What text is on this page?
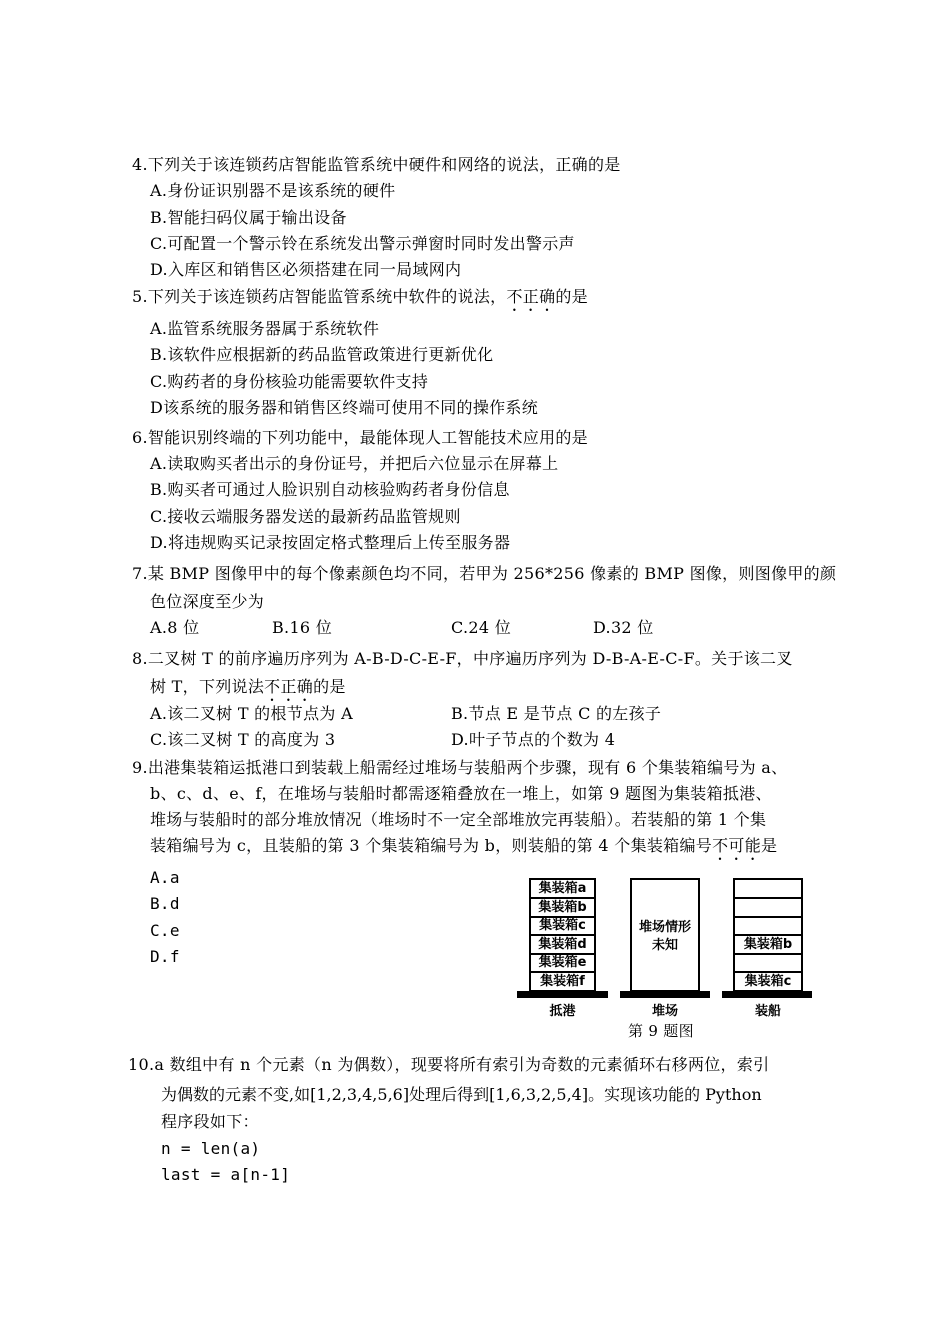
4.下列关于该连锁药店智能监管系统中硬件和网络的说法，正确的是
A.身份证识别器不是该系统的硬件
B.智能扫码仪属于输出设备
C.可配置一个警示铃在系统发出警示弹窗时同时发出警示声
D.入库区和销售区必须搭建在同一局域网内
5.下列关于该连锁药店智能监管系统中软件的说法，不正确的是
A.监管系统服务器属于系统软件
B.该软件应根据新的药品监管政策进行更新优化
C.购药者的身份核验功能需要软件支持
D该系统的服务器和销售区终端可使用不同的操作系统
6.智能识别终端的下列功能中，最能体现人工智能技术应用的是
A.读取购买者出示的身份证号，并把后六位显示在屏幕上
B.购买者可通过人脸识别自动核验购药者身份信息
C.接收云端服务器发送的最新药品监管规则
D.将违规购买记录按固定格式整理后上传至服务器
7.某 BMP 图像甲中的每个像素颜色均不同，若甲为 256*256 像素的 BMP 图像，则图像甲的颜
色位深度至少为
A.8 位	B.16 位	C.24 位	D.32 位
8.二叉树 T 的前序遍历序列为 A-B-D-C-E-F，中序遍历序列为 D-B-A-E-C-F。关于该二叉
树 T，下列说法不正确的是
A.该二叉树 T 的根节点为 A	B.节点 E 是节点 C 的左孩子
C.该二叉树 T 的高度为 3	D.叶子节点的个数为 4
9.出港集装箱运抵港口到装载上船需经过堆场与装船两个步骤，现有 6 个集装箱编号为 a、
b、c、d、e、f，在堆场与装船时都需逐箱叠放在一堆上，如第 9 题图为集装箱抵港、
堆场与装船时的部分堆放情况（堆场时不一定全部堆放完再装船）。若装船的第 1 个集
装箱编号为 c，且装船的第 3 个集装箱编号为 b，则装船的第 4 个集装箱编号不可能是
A.a
B.d
C.e
D.f
集装箱a
集装箱b
集装箱c
集装箱d
集装箱e
集装箱f
抵港
堆场情形
未知
堆场
集装箱b
集装箱c
装船
第 9 题图
10.a 数组中有 n 个元素（n 为偶数），现要将所有索引为奇数的元素循环右移两位，索引
为偶数的元素不变,如[1,2,3,4,5,6]处理后得到[1,6,3,2,5,4]。实现该功能的 Python
程序段如下：
n = len(a)
last = a[n-1]
